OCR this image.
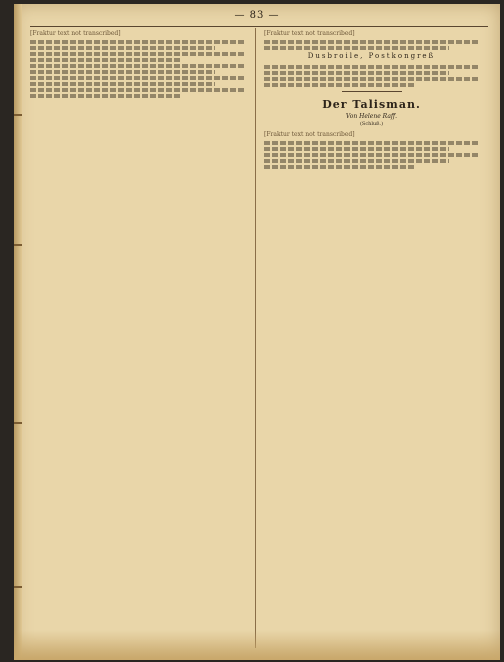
— 83 —
[Fraktur text not transcribed]	[Fraktur text not transcribed]

Dusbroile, Postkongreß

Der Talisman.
Von Helene Raff.
(Schluß.)
[Fraktur text not transcribed]
